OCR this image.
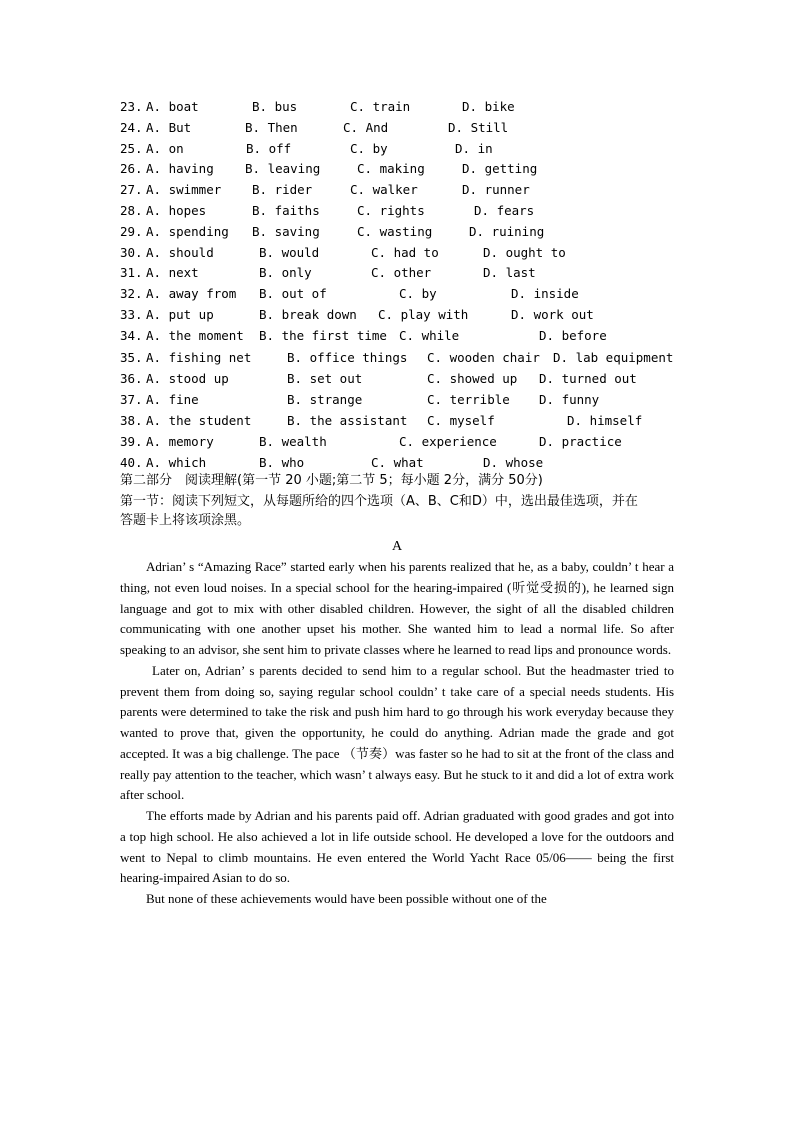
23. A. boat	B. bus	C. train	D. bike
24. A. But	B. Then	C. And	D. Still
25. A. on	B. off	C. by	D. in
26. A. having	B. leaving	C. making	D. getting
27. A. swimmer B. rider	C. walker	D. runner
28. A. hopes	B. faiths	C. rights	D. fears
29. A. spending B. saving	C. wasting	D. ruining
30. A. should	B. would	C. had to	D. ought to
31. A. next	B. only	C. other	D. last
32. A. away from B. out of	C. by	D. inside
33. A. put up	B. break down C. play with	D. work out
34. A. the moment B. the first time C. while	D. before
35. A. fishing net	B. office things C. wooden chair D. lab equipment
36. A. stood up	B. set out	C. showed up D. turned out
37. A. fine	B. strange	C. terrible D. funny
38. A. the student	B. the assistant C. myself	D. himself
39. A. memory	B. wealth	C. experience	D. practice
40. A. which	B. who	C. what	D. whose
第二部分　阅读理解(第一节 20 小题;第二节 5；每小题 2分，满分 50分)
第一节：阅读下列短文，从每题所给的四个选项（A、B、C和D）中，选出最佳选项，并在
答题卡上将该项涂黑。
A

Adrian’ s “Amazing Race” started early when his parents realized that he, as a baby, couldn’ t hear a thing, not even loud noises. In a special school for the hearing-impaired (听觉受损的), he learned sign language and got to mix with other disabled children. However, the sight of all the disabled children communicating with one another upset his mother. She wanted him to lead a normal life. So after speaking to an advisor, she sent him to private classes where he learned to read lips and pronounce words.

Later on, Adrian’ s parents decided to send him to a regular school. But the headmaster tried to prevent them from doing so, saying regular school couldn’ t take care of a special needs students. His parents were determined to take the risk and push him hard to go through his work everyday because they wanted to prove that, given the opportunity, he could do anything. Adrian made the grade and got accepted. It was a big challenge. The pace （节奏）was faster so he had to sit at the front of the class and really pay attention to the teacher, which wasn’ t always easy. But he stuck to it and did a lot of extra work after school.

The efforts made by Adrian and his parents paid off. Adrian graduated with good grades and got into a top high school. He also achieved a lot in life outside school. He developed a love for the outdoors and went to Nepal to climb mountains. He even entered the World Yacht Race 05/06—— being the first hearing-impaired Asian to do so.

But none of these achievements would have been possible without one of the
